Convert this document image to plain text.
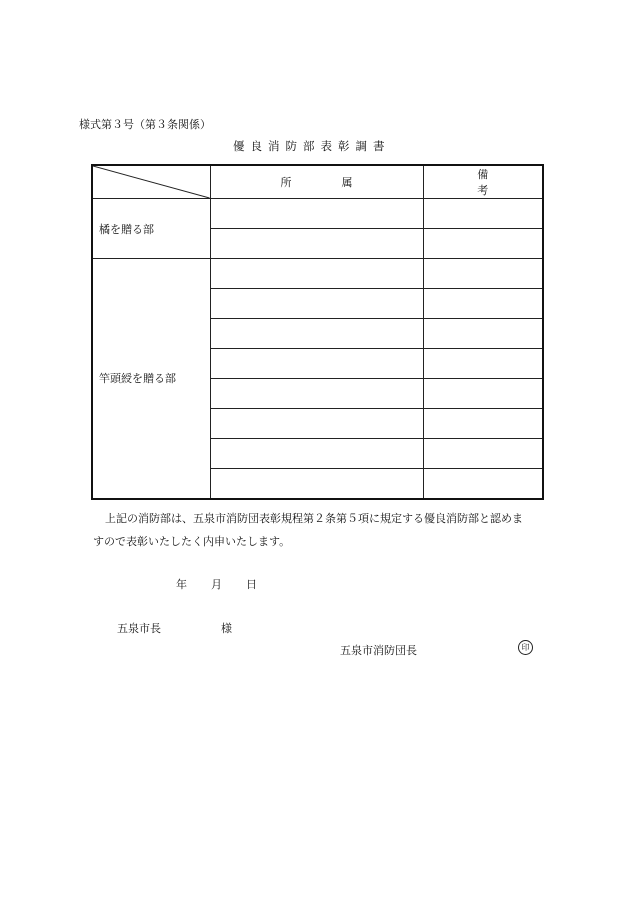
様式第３号（第３条関係）
優良消防部表彰調書
	所属	備考
橘を贈る部		

竿頭綬を贈る部		

上記の消防部は、五泉市消防団表彰規程第２条第５項に規定する優良消防部と認めま
すので表彰いたしたく内申いたします。
年 月 日
五泉市長	様
五泉市消防団長	印
